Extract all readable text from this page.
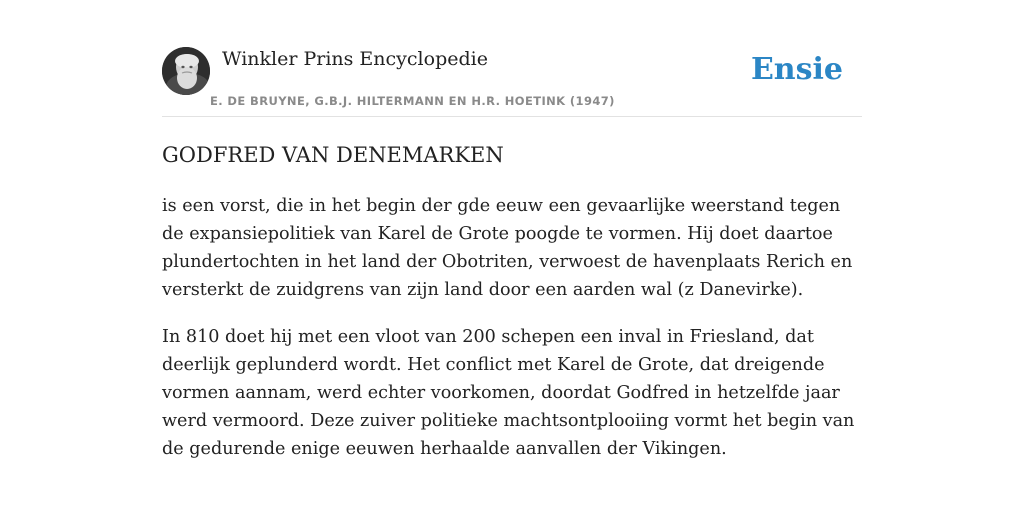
Winkler Prins Encyclopedie
E. DE BRUYNE, G.B.J. HILTERMANN EN H.R. HOETINK (1947)
Ensie
GODFRED VAN DENEMARKEN

is een vorst, die in het begin der gde eeuw een gevaarlijke weerstand tegen de expansiepolitiek van Karel de Grote poogde te vormen. Hij doet daartoe plundertochten in het land der Obotriten, verwoest de havenplaats Rerich en versterkt de zuidgrens van zijn land door een aarden wal (z Danevirke).

In 810 doet hij met een vloot van 200 schepen een inval in Friesland, dat deerlijk geplunderd wordt. Het conflict met Karel de Grote, dat dreigende vormen aannam, werd echter voorkomen, doordat Godfred in hetzelfde jaar werd vermoord. Deze zuiver politieke machtsontplooiing vormt het begin van de gedurende enige eeuwen herhaalde aanvallen der Vikingen.
